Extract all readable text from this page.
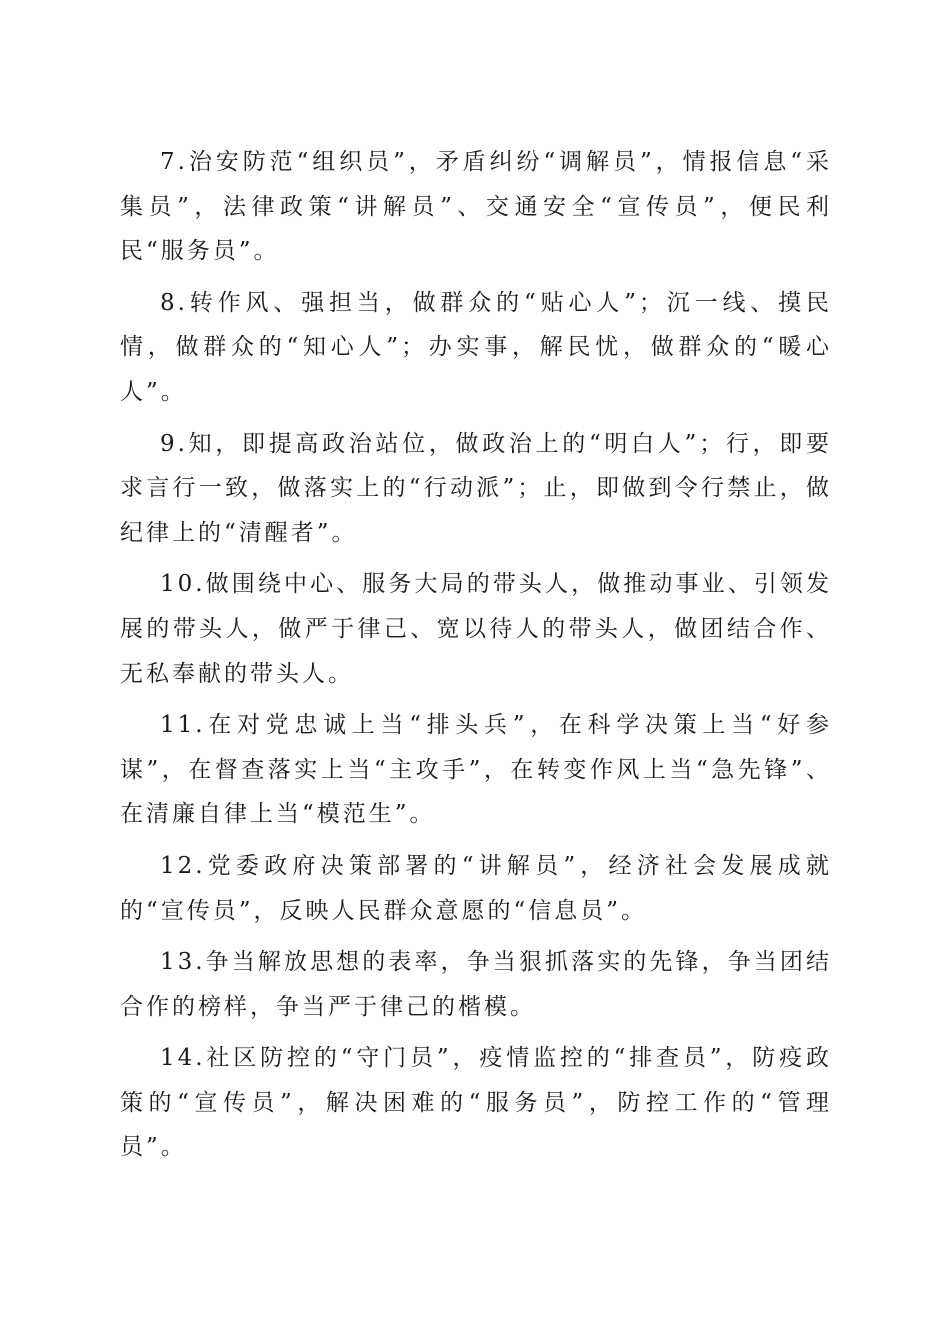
7.治安防范“组织员”，矛盾纠纷“调解员”，情报信息“采集员”，法律政策“讲解员”、交通安全“宣传员”，便民利民“服务员”。

8.转作风、强担当，做群众的“贴心人”；沉一线、摸民情，做群众的“知心人”；办实事，解民忧，做群众的“暖心人”。

9.知，即提高政治站位，做政治上的“明白人”；行，即要求言行一致，做落实上的“行动派”；止，即做到令行禁止，做纪律上的“清醒者”。

10.做围绕中心、服务大局的带头人，做推动事业、引领发展的带头人，做严于律己、宽以待人的带头人，做团结合作、无私奉献的带头人。

11.在对党忠诚上当“排头兵”，在科学决策上当“好参谋”，在督查落实上当“主攻手”，在转变作风上当“急先锋”、在清廉自律上当“模范生”。

12.党委政府决策部署的“讲解员”，经济社会发展成就的“宣传员”，反映人民群众意愿的“信息员”。

13.争当解放思想的表率，争当狠抓落实的先锋，争当团结合作的榜样，争当严于律己的楷模。

14.社区防控的“守门员”，疫情监控的“排查员”，防疫政策的“宣传员”，解决困难的“服务员”，防控工作的“管理员”。
